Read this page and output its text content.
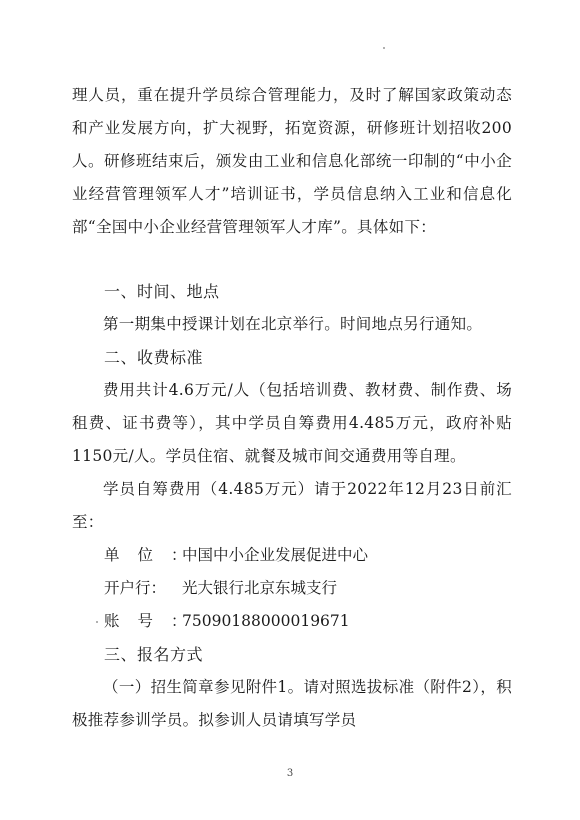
理人员，重在提升学员综合管理能力，及时了解国家政策动态和产业发展方向，扩大视野，拓宽资源，研修班计划招收200人。研修班结束后，颁发由工业和信息化部统一印制的“中小企业经营管理领军人才”培训证书，学员信息纳入工业和信息化部“全国中小企业经营管理领军人才库”。具体如下：
一、时间、地点
第一期集中授课计划在北京举行。时间地点另行通知。
二、收费标准
费用共计4.6万元/人（包括培训费、教材费、制作费、场租费、证书费等），其中学员自筹费用4.485万元，政府补贴1150元/人。学员住宿、就餐及城市间交通费用等自理。
学员自筹费用（4.485万元）请于2022年12月23日前汇至：
单位：中国中小企业发展促进中心
开户行： 光大银行北京东城支行
账号：75090188000019671
三、报名方式
（一）招生简章参见附件1。请对照选拔标准（附件2），积极推荐参训学员。拟参训人员请填写学员
3
